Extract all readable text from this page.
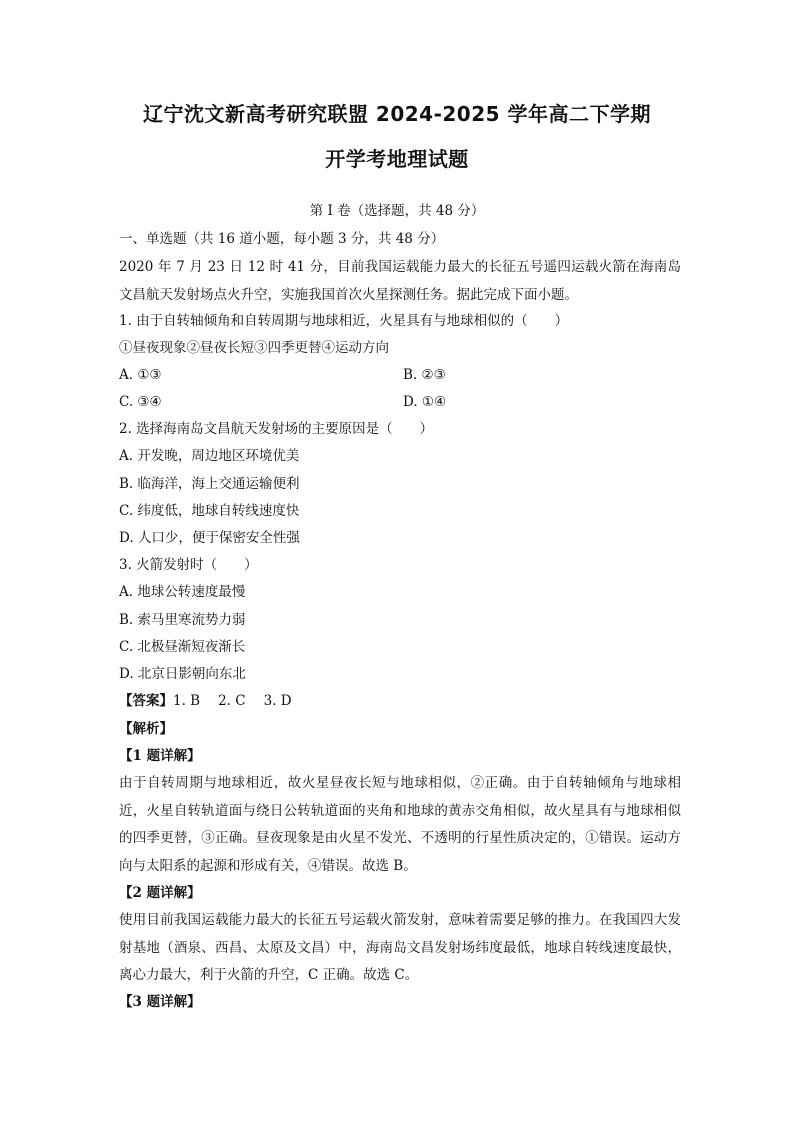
辽宁沈文新高考研究联盟 2024-2025 学年高二下学期
开学考地理试题
第 I 卷（选择题，共 48 分）
一、单选题（共 16 道小题，每小题 3 分，共 48 分）

2020 年 7 月 23 日 12 时 41 分，目前我国运载能力最大的长征五号遥四运载火箭在海南岛文昌航天发射场点火升空，实施我国首次火星探测任务。据此完成下面小题。

1. 由于自转轴倾角和自转周期与地球相近，火星具有与地球相似的（　　）
①昼夜现象②昼夜长短③四季更替④运动方向
A. ①③	B. ②③
C. ③④	D. ①④
2. 选择海南岛文昌航天发射场的主要原因是（　　）
A. 开发晚，周边地区环境优美
B. 临海洋，海上交通运输便利
C. 纬度低，地球自转线速度快
D. 人口少，便于保密安全性强
3. 火箭发射时（　　）
A. 地球公转速度最慢
B. 索马里寒流势力弱
C. 北极昼渐短夜渐长
D. 北京日影朝向东北
【答案】1. B 2. C 3. D
【解析】
【1 题详解】

由于自转周期与地球相近，故火星昼夜长短与地球相似，②正确。由于自转轴倾角与地球相近，火星自转轨道面与绕日公转轨道面的夹角和地球的黄赤交角相似，故火星具有与地球相似的四季更替，③正确。昼夜现象是由火星不发光、不透明的行星性质决定的，①错误。运动方向与太阳系的起源和形成有关，④错误。故选 B。

【2 题详解】

使用目前我国运载能力最大的长征五号运载火箭发射，意味着需要足够的推力。在我国四大发射基地（酒泉、西昌、太原及文昌）中，海南岛文昌发射场纬度最低，地球自转线速度最快，离心力最大，利于火箭的升空，C 正确。故选 C。

【3 题详解】
